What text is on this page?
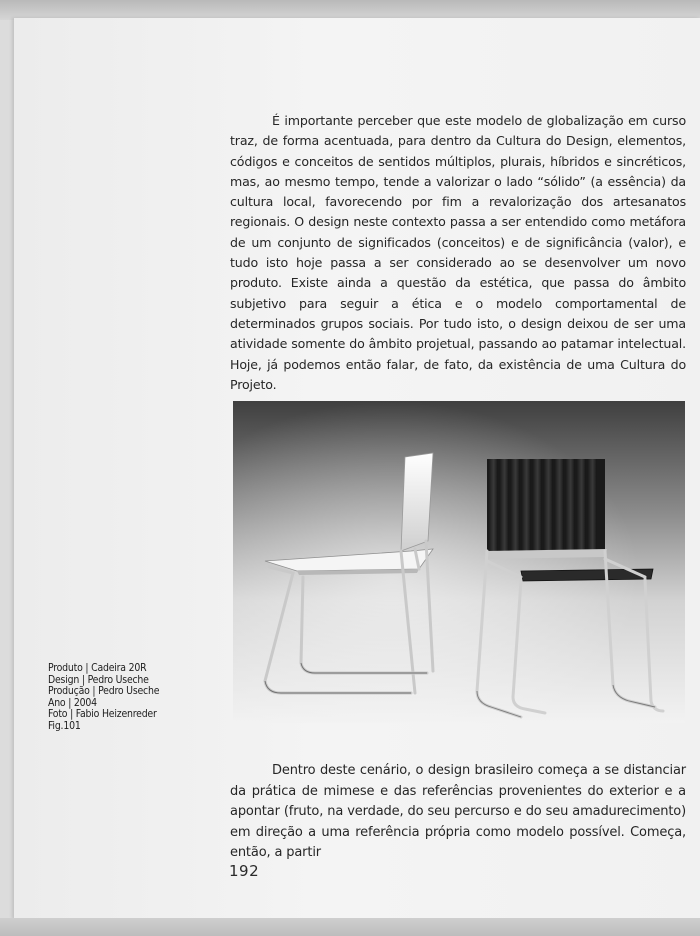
É importante perceber que este modelo de globalização em curso traz, de forma acentuada, para dentro da Cultura do Design, elementos, códigos e conceitos de sentidos múltiplos, plurais, híbridos e sincréticos, mas, ao mesmo tempo, tende a valorizar o lado “sólido” (a essência) da cultura local, favorecendo por fim a revalorização dos artesanatos regionais. O design neste contexto passa a ser entendido como metáfora de um conjunto de significados (conceitos) e de significância (valor), e tudo isto hoje passa a ser considerado ao se desenvolver um novo produto. Existe ainda a questão da estética, que passa do âmbito subjetivo para seguir a ética e o modelo comportamental de determinados grupos sociais. Por tudo isto, o design deixou de ser uma atividade somente do âmbito projetual, passando ao patamar intelectual. Hoje, já podemos então falar, de fato, da existência de uma Cultura do Projeto.

Produto | Cadeira 20R
Design | Pedro Useche
Produção | Pedro Useche
Ano | 2004
Foto | Fabio Heizenreder
Fig.101

Dentro deste cenário, o design brasileiro começa a se distanciar da prática de mimese e das referências provenientes do exterior e a apontar (fruto, na verdade, do seu percurso e do seu amadurecimento) em direção a uma referência própria como modelo possível. Começa, então, a partir

192
